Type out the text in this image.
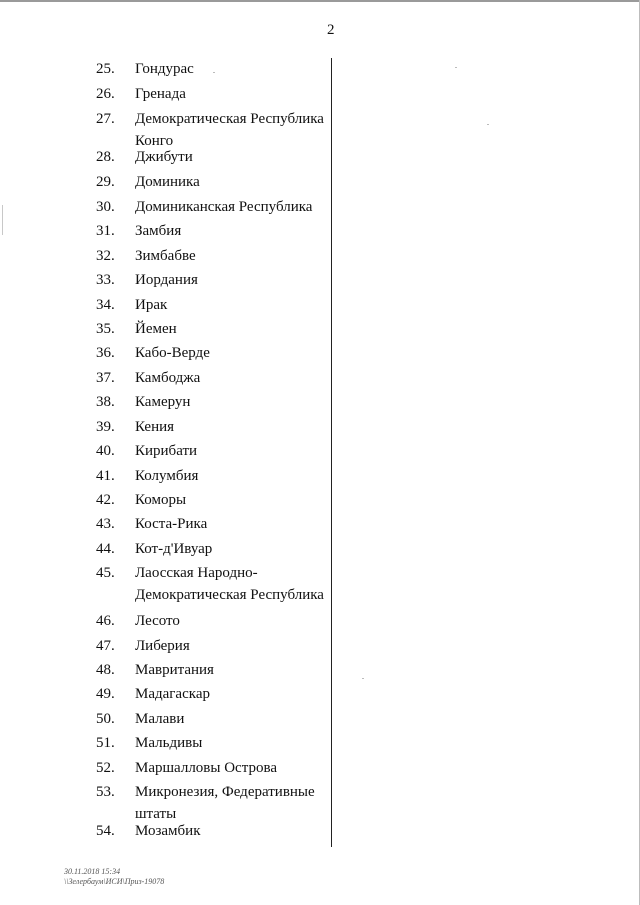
2
25. Гондурас
26. Гренада
27. Демократическая Республика Конго
28. Джибути
29. Доминика
30. Доминиканская Республика
31. Замбия
32. Зимбабве
33. Иордания
34. Ирак
35. Йемен
36. Кабо-Верде
37. Камбоджа
38. Камерун
39. Кения
40. Кирибати
41. Колумбия
42. Коморы
43. Коста-Рика
44. Кот-д'Ивуар
45. Лаосская Народно-Демократическая Республика
46. Лесото
47. Либерия
48. Мавритания
49. Мадагаскар
50. Малави
51. Мальдивы
52. Маршалловы Острова
53. Микронезия, Федеративные штаты
54. Мозамбик
30.11.2018 15:34
\\Зелербаум\ИСИ\Приз-19078
